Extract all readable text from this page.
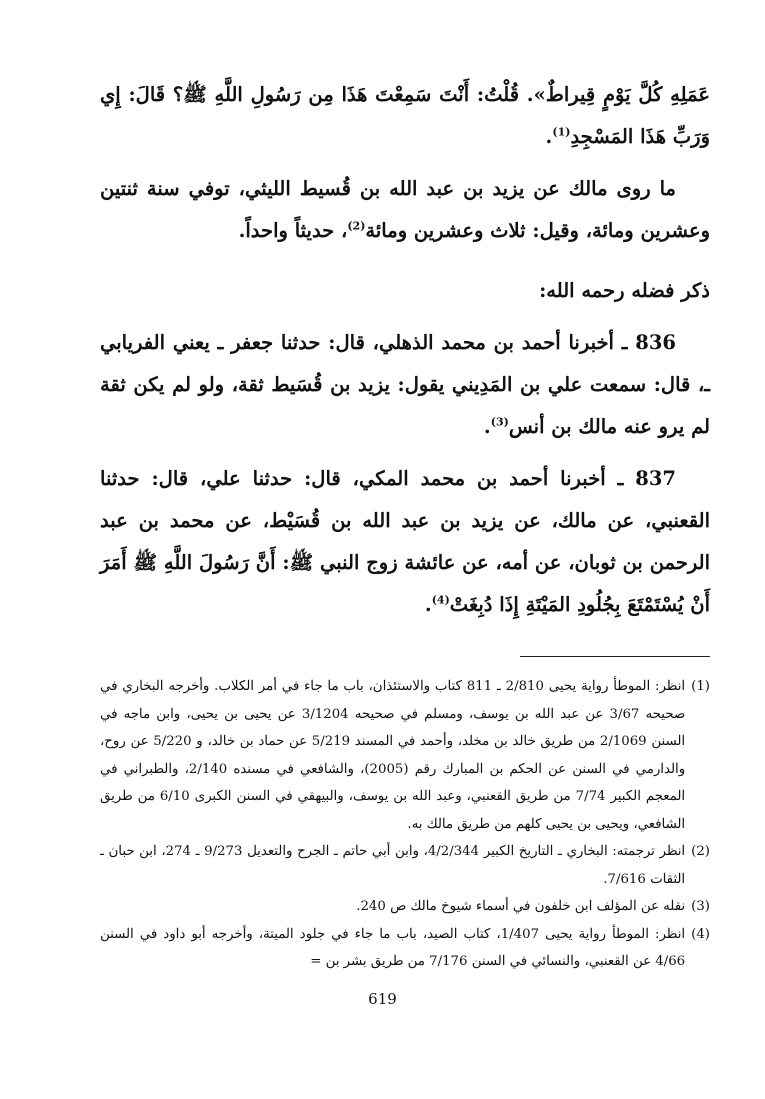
عَمَلِهِ كُلَّ يَوْمٍ قِيراطٌ». قُلْتُ: أَنْتَ سَمِعْتَ هَذَا مِن رَسُولِ اللَّهِ ﷺ؟ قَالَ: إِي وَرَبِّ هَذَا المَسْجِدِ$^{(1)}$.

ما روى مالك عن يزيد بن عبد الله بن قُسيط الليثي، توفي سنة ثنتين وعشرين ومائة، وقيل: ثلاث وعشرين ومائة$^{(2)}$، حديثاً واحداً.

ذكر فضله رحمه الله:

836 ـ أخبرنا أحمد بن محمد الذهلي، قال: حدثنا جعفر ـ يعني الفريابي ـ، قال: سمعت علي بن المَدِيني يقول: يزيد بن قُسَيط ثقة، ولو لم يكن ثقة لم يرو عنه مالك بن أنس$^{(3)}$.

837 ـ أخبرنا أحمد بن محمد المكي، قال: حدثنا علي، قال: حدثنا القعنبي، عن مالك، عن يزيد بن عبد الله بن قُسَيْط، عن محمد بن عبد الرحمن بن ثوبان، عن أمه، عن عائشة زوج النبي ﷺ: أَنَّ رَسُولَ اللَّهِ ﷺ أَمَرَ أَنْ يُسْتَمْتَعَ بِجُلُودِ المَيْتَةِ إِذَا دُبِغَتْ$^{(4)}$.

(1)
انظر: الموطأ رواية يحيى 2/810 ـ 811 كتاب والاستئذان، باب ما جاء في أمر الكلاب. وأخرجه البخاري في صحيحه 3/67 عن عبد الله بن يوسف، ومسلم في صحيحه 3/1204 عن يحيى بن يحيى، وابن ماجه في السنن 2/1069 من طريق خالد بن مخلد، وأحمد في المسند 5/219 عن حماد بن خالد، و 5/220 عن روح، والدارمي في السنن عن الحكم بن المبارك رقم (2005)، والشافعي في مسنده 2/140، والطبراني في المعجم الكبير 7/74 من طريق القعنبي، وعبد الله بن يوسف، والبيهقي في السنن الكبرى 6/10 من طريق الشافعي، ويحيى بن يحيى كلهم من طريق مالك به.
(2)
انظر ترجمته: البخاري ـ التاريخ الكبير 4/2/344، وابن أبي حاتم ـ الجرح والتعديل 9/273 ـ 274، ابن حبان ـ الثقات 7/616.
(3)
نقله عن المؤلف ابن خلفون في أسماء شيوخ مالك ص 240.
(4)
انظر: الموطأ رواية يحيى 1/407، كتاب الصيد، باب ما جاء في جلود الميتة، وأخرجه أبو داود في السنن 4/66 عن القعنبي، والنسائي في السنن 7/176 من طريق بشر بن =
619
